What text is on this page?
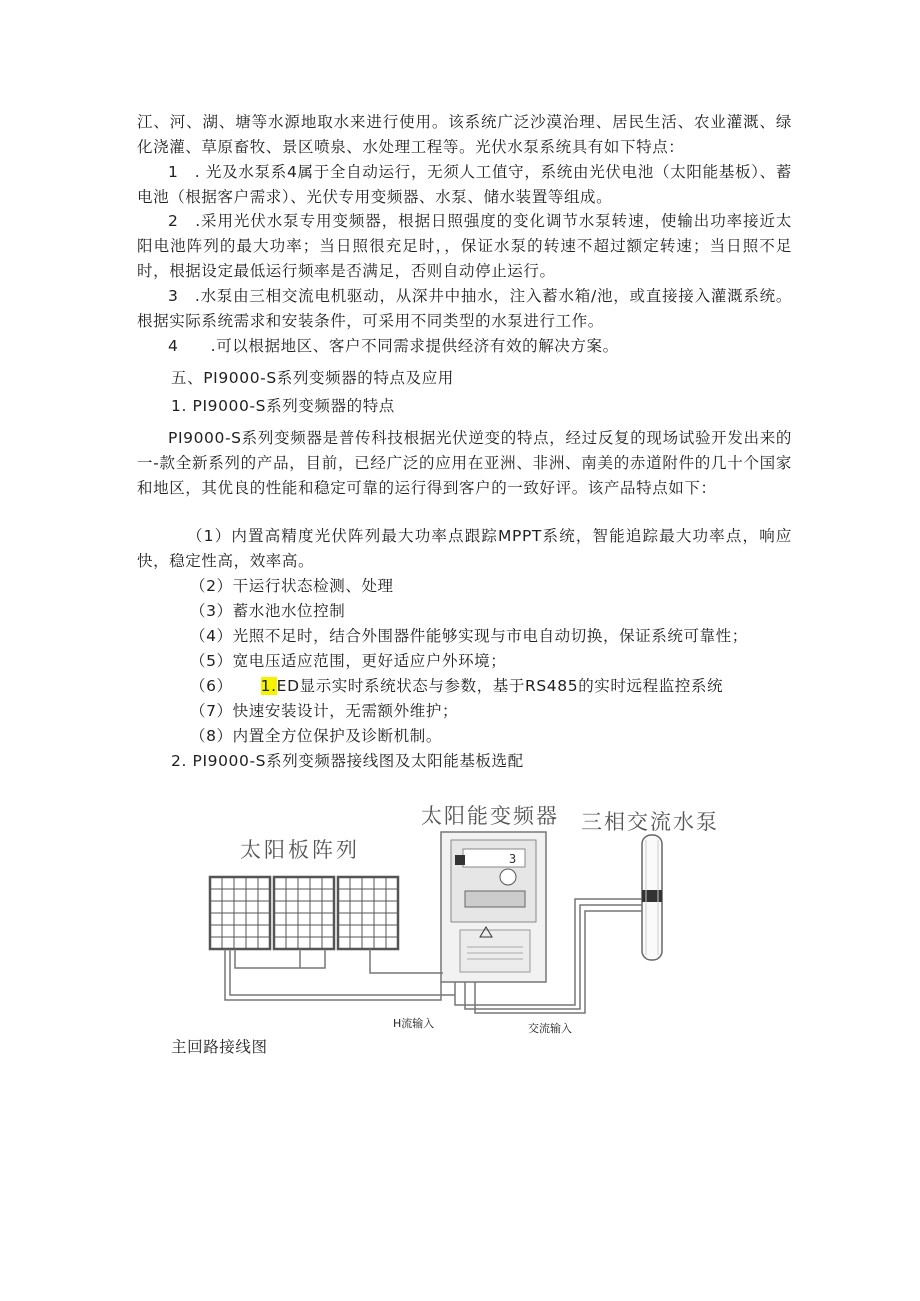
江、河、湖、塘等水源地取水来进行使用。该系统广泛沙漠治理、居民生活、农业灌溉、绿化浇灌、草原畜牧、景区喷泉、水处理工程等。光伏水泵系统具有如下特点：

1　. 光及水泵系4属于全自动运行，无须人工值守，系统由光伏电池（太阳能基板）、蓄电池（根据客户需求）、光伏专用变频器、水泵、储水装置等组成。

2　.采用光伏水泵专用变频器，根据日照强度的变化调节水泵转速，使输出功率接近太阳电池阵列的最大功率；当日照很充足时，，保证水泵的转速不超过额定转速；当日照不足时，根据设定最低运行频率是否满足，否则自动停止运行。

3　.水泵由三相交流电机驱动，从深井中抽水，注入蓄水箱/池，或直接接入灌溉系统。根据实际系统需求和安装条件，可采用不同类型的水泵进行工作。

4　　.可以根据地区、客户不同需求提供经济有效的解决方案。

五、PI9000-S系列变频器的特点及应用

1. PI9000-S系列变频器的特点

PI9000-S系列变频器是普传科技根据光伏逆变的特点，经过反复的现场试验开发出来的一-款全新系列的产品，目前，已经广泛的应用在亚洲、非洲、南美的赤道附件的几十个国家和地区，其优良的性能和稳定可靠的运行得到客户的一致好评。该产品特点如下：

（1）内置高精度光伏阵列最大功率点跟踪MPPT系统，智能追踪最大功率点，响应快，稳定性高，效率高。

（2）干运行状态检测、处理

（3）蓄水池水位控制

（4）光照不足时，结合外围器件能够实现与市电自动切换，保证系统可靠性；

（5）宽电压适应范围，更好适应户外环境；

（6） 1.ED显示实时系统状态与参数，基于RS485的实时远程监控系统

（7）快速安装设计，无需额外维护；

（8）内置全方位保护及诊断机制。

2. PI9000-S系列变频器接线图及太阳能基板选配

太阳板阵列
太阳能变频器 三相交流水泵
3
H流输入	交流输入
主回路接线图
